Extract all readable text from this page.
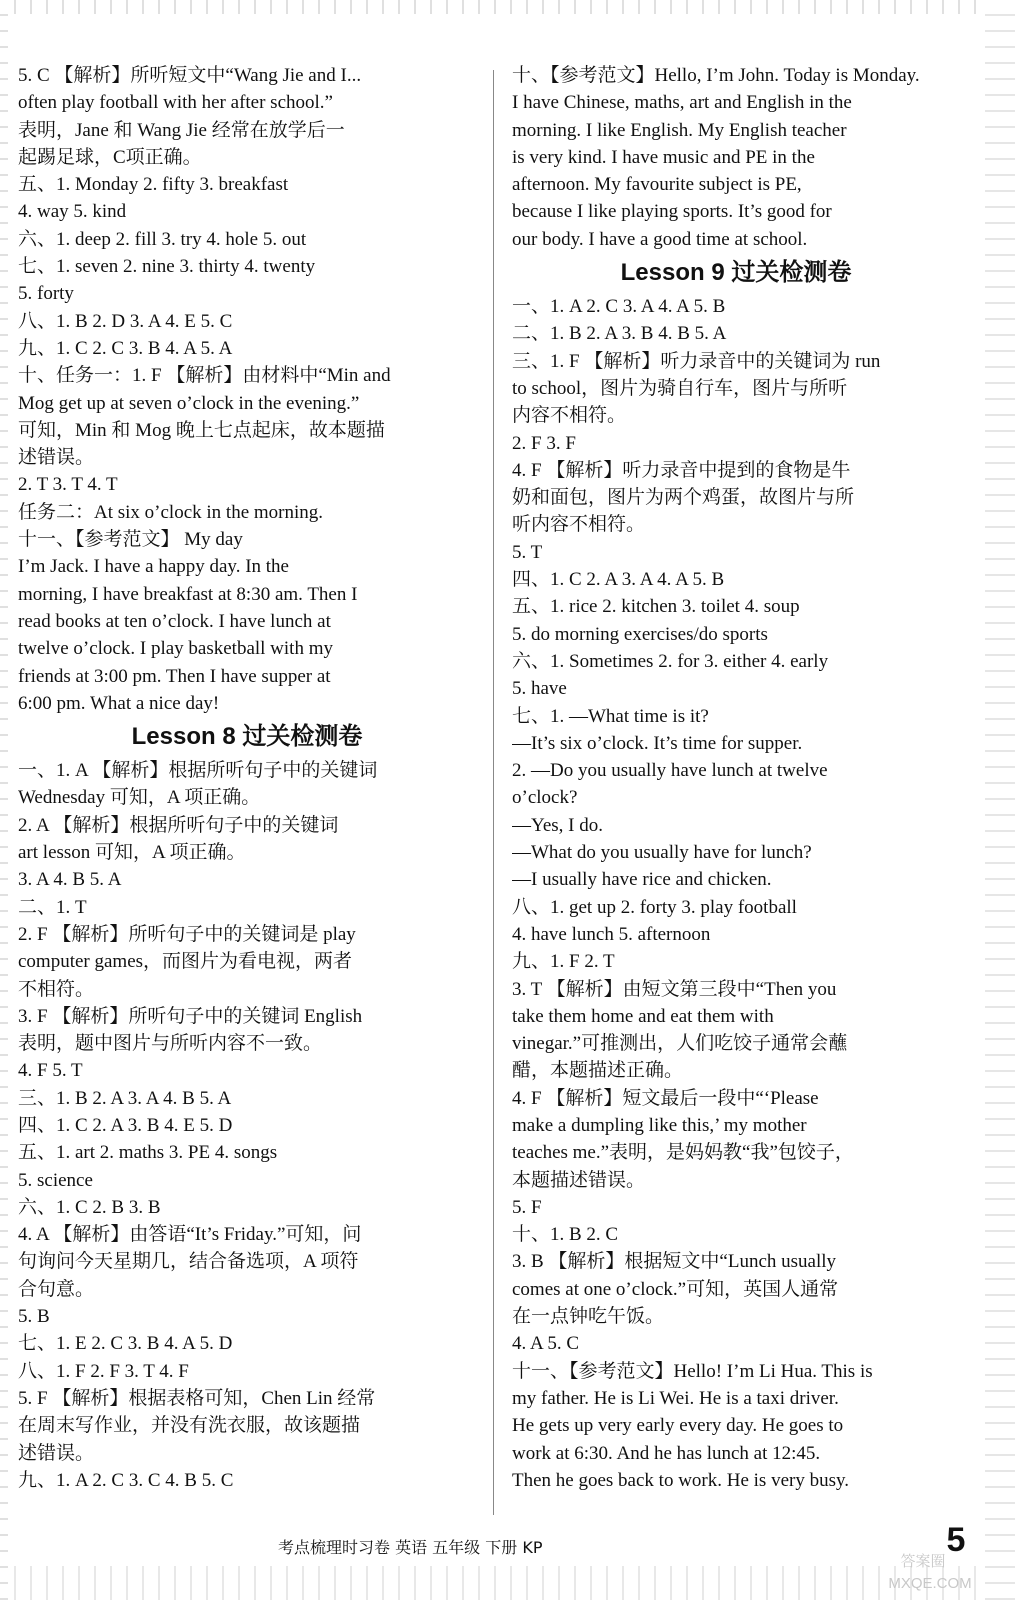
5. C 【解析】所听短文中“Wang Jie and I...
often play football with her after school.”
表明，Jane 和 Wang Jie 经常在放学后一
起踢足球，C项正确。
五、1. Monday 2. fifty 3. breakfast
4. way 5. kind
六、1. deep 2. fill 3. try 4. hole 5. out
七、1. seven 2. nine 3. thirty 4. twenty
5. forty
八、1. B 2. D 3. A 4. E 5. C
九、1. C 2. C 3. B 4. A 5. A
十、任务一：1. F 【解析】由材料中“Min and
Mog get up at seven o’clock in the evening.”
可知，Min 和 Mog 晚上七点起床，故本题描
述错误。
2. T 3. T 4. T
任务二：At six o’clock in the morning.
十一、【参考范文】 My day
I’m Jack. I have a happy day. In the
morning, I have breakfast at 8:30 am. Then I
read books at ten o’clock. I have lunch at
twelve o’clock. I play basketball with my
friends at 3:00 pm. Then I have supper at
6:00 pm. What a nice day!
Lesson 8 过关检测卷
一、1. A 【解析】根据所听句子中的关键词
Wednesday 可知，A 项正确。
2. A 【解析】根据所听句子中的关键词
art lesson 可知，A 项正确。
3. A 4. B 5. A
二、1. T
2. F 【解析】所听句子中的关键词是 play
computer games，而图片为看电视，两者
不相符。
3. F 【解析】所听句子中的关键词 English
表明，题中图片与所听内容不一致。
4. F 5. T
三、1. B 2. A 3. A 4. B 5. A
四、1. C 2. A 3. B 4. E 5. D
五、1. art 2. maths 3. PE 4. songs
5. science
六、1. C 2. B 3. B
4. A 【解析】由答语“It’s Friday.”可知，问
句询问今天星期几，结合备选项，A 项符
合句意。
5. B
七、1. E 2. C 3. B 4. A 5. D
八、1. F 2. F 3. T 4. F
5. F 【解析】根据表格可知，Chen Lin 经常
在周末写作业，并没有洗衣服，故该题描
述错误。
九、1. A 2. C 3. C 4. B 5. C
十、【参考范文】Hello, I’m John. Today is Monday.
I have Chinese, maths, art and English in the
morning. I like English. My English teacher
is very kind. I have music and PE in the
afternoon. My favourite subject is PE,
because I like playing sports. It’s good for
our body. I have a good time at school.
Lesson 9 过关检测卷
一、1. A 2. C 3. A 4. A 5. B
二、1. B 2. A 3. B 4. B 5. A
三、1. F 【解析】听力录音中的关键词为 run
to school，图片为骑自行车，图片与所听
内容不相符。
2. F 3. F
4. F 【解析】听力录音中提到的食物是牛
奶和面包，图片为两个鸡蛋，故图片与所
听内容不相符。
5. T
四、1. C 2. A 3. A 4. A 5. B
五、1. rice 2. kitchen 3. toilet 4. soup
5. do morning exercises/do sports
六、1. Sometimes 2. for 3. either 4. early
5. have
七、1. —What time is it?
—It’s six o’clock. It’s time for supper.
2. —Do you usually have lunch at twelve
o’clock?
—Yes, I do.
—What do you usually have for lunch?
—I usually have rice and chicken.
八、1. get up 2. forty 3. play football
4. have lunch 5. afternoon
九、1. F 2. T
3. T 【解析】由短文第三段中“Then you
take them home and eat them with
vinegar.”可推测出，人们吃饺子通常会蘸
醋，本题描述正确。
4. F 【解析】短文最后一段中“‘Please
make a dumpling like this,’ my mother
teaches me.”表明，是妈妈教“我”包饺子，
本题描述错误。
5. F
十、1. B 2. C
3. B 【解析】根据短文中“Lunch usually
comes at one o’clock.”可知，英国人通常
在一点钟吃午饭。
4. A 5. C
十一、【参考范文】Hello! I’m Li Hua. This is
my father. He is Li Wei. He is a taxi driver.
He gets up very early every day. He goes to
work at 6:30. And he has lunch at 12:45.
Then he goes back to work. He is very busy.
考点梳理时习卷 英语 五年级 下册 KP	5
答案圈
MXQE.COM
